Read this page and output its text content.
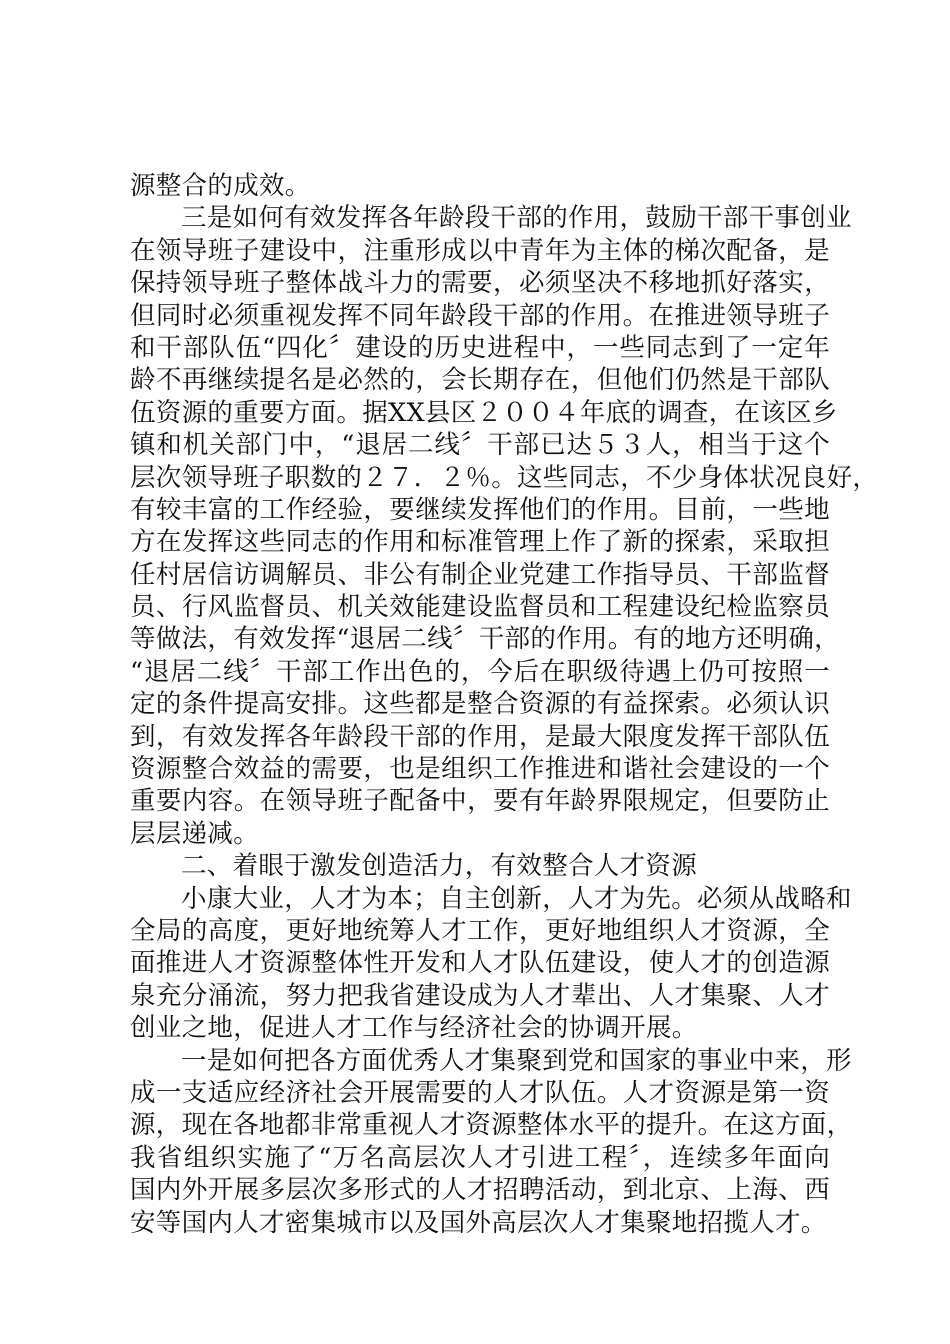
源整合的成效。
三是如何有效发挥各年龄段干部的作用，鼓励干部干事创业
在领导班子建设中，注重形成以中青年为主体的梯次配备，是
保持领导班子整体战斗力的需要，必须坚决不移地抓好落实，
但同时必须重视发挥不同年龄段干部的作用。在推进领导班子
和干部队伍“四化〞建设的历史进程中，一些同志到了一定年
龄不再继续提名是必然的，会长期存在，但他们仍然是干部队
伍资源的重要方面。据XX县区２００４年底的调查，在该区乡
镇和机关部门中，“退居二线〞干部已达５３人，相当于这个
层次领导班子职数的２７．２％。这些同志，不少身体状况良好，
有较丰富的工作经验，要继续发挥他们的作用。目前，一些地
方在发挥这些同志的作用和标准管理上作了新的探索，采取担
任村居信访调解员、非公有制企业党建工作指导员、干部监督
员、行风监督员、机关效能建设监督员和工程建设纪检监察员
等做法，有效发挥“退居二线〞干部的作用。有的地方还明确，
“退居二线〞干部工作出色的，今后在职级待遇上仍可按照一
定的条件提高安排。这些都是整合资源的有益探索。必须认识
到，有效发挥各年龄段干部的作用，是最大限度发挥干部队伍
资源整合效益的需要，也是组织工作推进和谐社会建设的一个
重要内容。在领导班子配备中，要有年龄界限规定，但要防止
层层递减。
二、着眼于激发创造活力，有效整合人才资源
小康大业，人才为本；自主创新，人才为先。必须从战略和
全局的高度，更好地统筹人才工作，更好地组织人才资源，全
面推进人才资源整体性开发和人才队伍建设，使人才的创造源
泉充分涌流，努力把我省建设成为人才辈出、人才集聚、人才
创业之地，促进人才工作与经济社会的协调开展。
一是如何把各方面优秀人才集聚到党和国家的事业中来，形
成一支适应经济社会开展需要的人才队伍。人才资源是第一资
源，现在各地都非常重视人才资源整体水平的提升。在这方面，
我省组织实施了“万名高层次人才引进工程〞，连续多年面向
国内外开展多层次多形式的人才招聘活动，到北京、上海、西
安等国内人才密集城市以及国外高层次人才集聚地招揽人才。
